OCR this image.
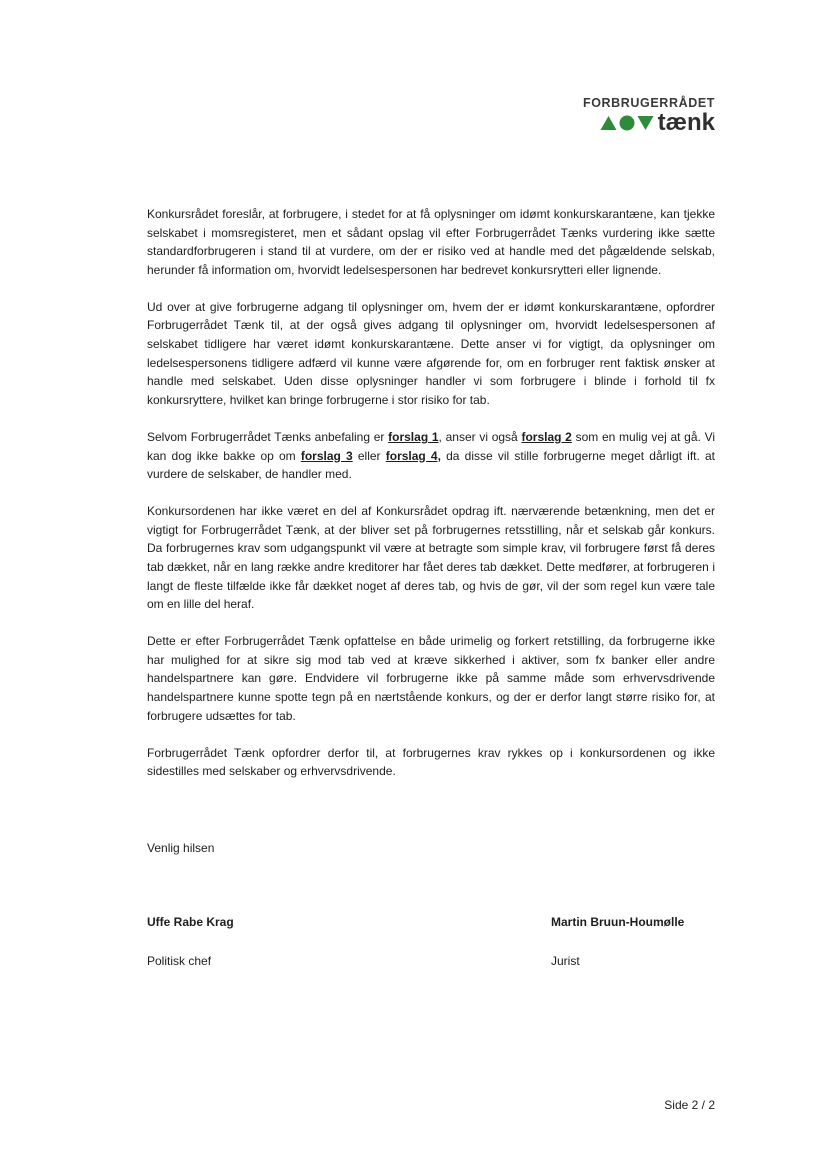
FORBRUGERRÅDET
tænk

Konkursrådet foreslår, at forbrugere, i stedet for at få oplysninger om idømt konkurskarantæne, kan tjekke selskabet i momsregisteret, men et sådant opslag vil efter Forbrugerrådet Tænks vurdering ikke sætte standardforbrugeren i stand til at vurdere, om der er risiko ved at handle med det pågældende selskab, herunder få information om, hvorvidt ledelsespersonen har bedrevet konkursrytteri eller lignende.

Ud over at give forbrugerne adgang til oplysninger om, hvem der er idømt konkurskarantæne, opfordrer Forbrugerrådet Tænk til, at der også gives adgang til oplysninger om, hvorvidt ledelsespersonen af selskabet tidligere har været idømt konkurskarantæne. Dette anser vi for vigtigt, da oplysninger om ledelsespersonens tidligere adfærd vil kunne være afgørende for, om en forbruger rent faktisk ønsker at handle med selskabet. Uden disse oplysninger handler vi som forbrugere i blinde i forhold til fx konkursryttere, hvilket kan bringe forbrugerne i stor risiko for tab.

Selvom Forbrugerrådet Tænks anbefaling er forslag 1, anser vi også forslag 2 som en mulig vej at gå. Vi kan dog ikke bakke op om forslag 3 eller forslag 4, da disse vil stille forbrugerne meget dårligt ift. at vurdere de selskaber, de handler med.

Konkursordenen har ikke været en del af Konkursrådet opdrag ift. nærværende betænkning, men det er vigtigt for Forbrugerrådet Tænk, at der bliver set på forbrugernes retsstilling, når et selskab går konkurs. Da forbrugernes krav som udgangspunkt vil være at betragte som simple krav, vil forbrugere først få deres tab dækket, når en lang række andre kreditorer har fået deres tab dækket. Dette medfører, at forbrugeren i langt de fleste tilfælde ikke får dækket noget af deres tab, og hvis de gør, vil der som regel kun være tale om en lille del heraf.

Dette er efter Forbrugerrådet Tænk opfattelse en både urimelig og forkert retstilling, da forbrugerne ikke har mulighed for at sikre sig mod tab ved at kræve sikkerhed i aktiver, som fx banker eller andre handelspartnere kan gøre. Endvidere vil forbrugerne ikke på samme måde som erhvervsdrivende handelspartnere kunne spotte tegn på en nærtstående konkurs, og der er derfor langt større risiko for, at forbrugere udsættes for tab.

Forbrugerrådet Tænk opfordrer derfor til, at forbrugernes krav rykkes op i konkursordenen og ikke sidestilles med selskaber og erhvervsdrivende.

Venlig hilsen
Uffe Rabe Krag
Politisk chef
Martin Bruun-Houmølle
Jurist
Side 2 / 2
